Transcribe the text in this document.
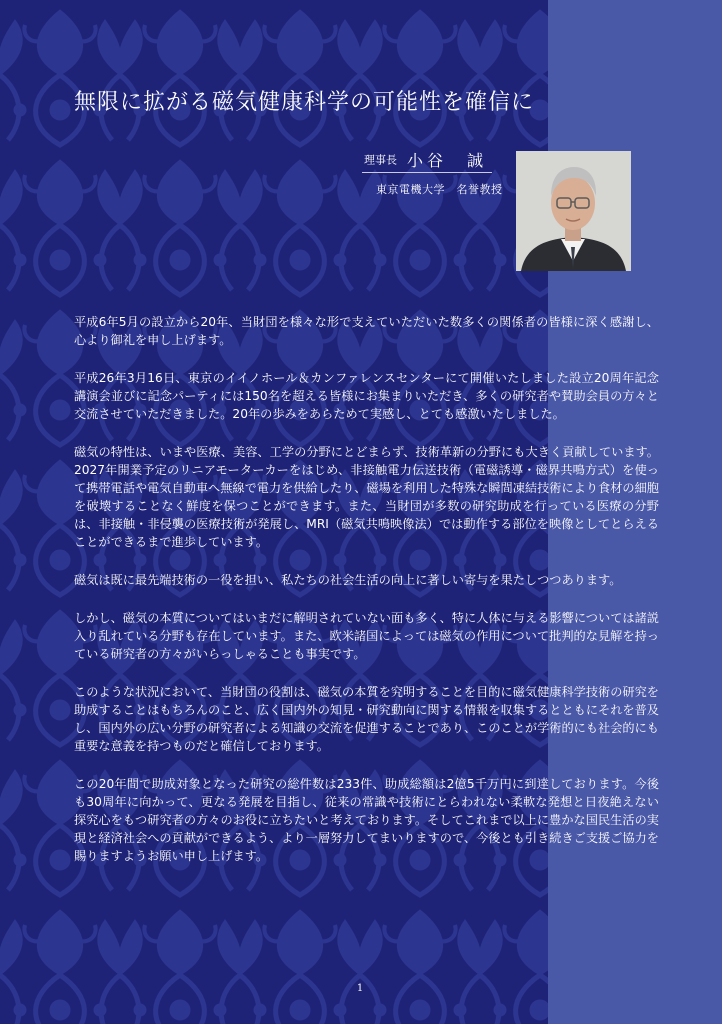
無限に拡がる磁気健康科学の可能性を確信に
理事長 小谷　誠
東京電機大学　名誉教授

平成6年5月の設立から20年、当財団を様々な形で支えていただいた数多くの関係者の皆様に深く感謝し、心より御礼を申し上げます。

平成26年3月16日、東京のイイノホール＆カンファレンスセンターにて開催いたしました設立20周年記念講演会並びに記念パーティには150名を超える皆様にお集まりいただき、多くの研究者や賛助会員の方々と交流させていただきました。20年の歩みをあらためて実感し、とても感激いたしました。

磁気の特性は、いまや医療、美容、工学の分野にとどまらず、技術革新の分野にも大きく貢献しています。2027年開業予定のリニアモーターカーをはじめ、非接触電力伝送技術（電磁誘導・磁界共鳴方式）を使って携帯電話や電気自動車へ無線で電力を供給したり、磁場を利用した特殊な瞬間凍結技術により食材の細胞を破壊することなく鮮度を保つことができます。また、当財団が多数の研究助成を行っている医療の分野は、非接触・非侵襲の医療技術が発展し、MRI（磁気共鳴映像法）では動作する部位を映像としてとらえることができるまで進歩しています。

磁気は既に最先端技術の一役を担い、私たちの社会生活の向上に著しい寄与を果たしつつあります。

しかし、磁気の本質についてはいまだに解明されていない面も多く、特に人体に与える影響については諸説入り乱れている分野も存在しています。また、欧米諸国によっては磁気の作用について批判的な見解を持っている研究者の方々がいらっしゃることも事実です。

このような状況において、当財団の役割は、磁気の本質を究明することを目的に磁気健康科学技術の研究を助成することはもちろんのこと、広く国内外の知見・研究動向に関する情報を収集するとともにそれを普及し、国内外の広い分野の研究者による知識の交流を促進することであり、このことが学術的にも社会的にも重要な意義を持つものだと確信しております。

この20年間で助成対象となった研究の総件数は233件、助成総額は2億5千万円に到達しております。今後も30周年に向かって、更なる発展を目指し、従来の常識や技術にとらわれない柔軟な発想と日夜絶えない探究心をもつ研究者の方々のお役に立ちたいと考えております。そしてこれまで以上に豊かな国民生活の実現と経済社会への貢献ができるよう、より一層努力してまいりますので、今後とも引き続きご支援ご協力を賜りますようお願い申し上げます。

1
